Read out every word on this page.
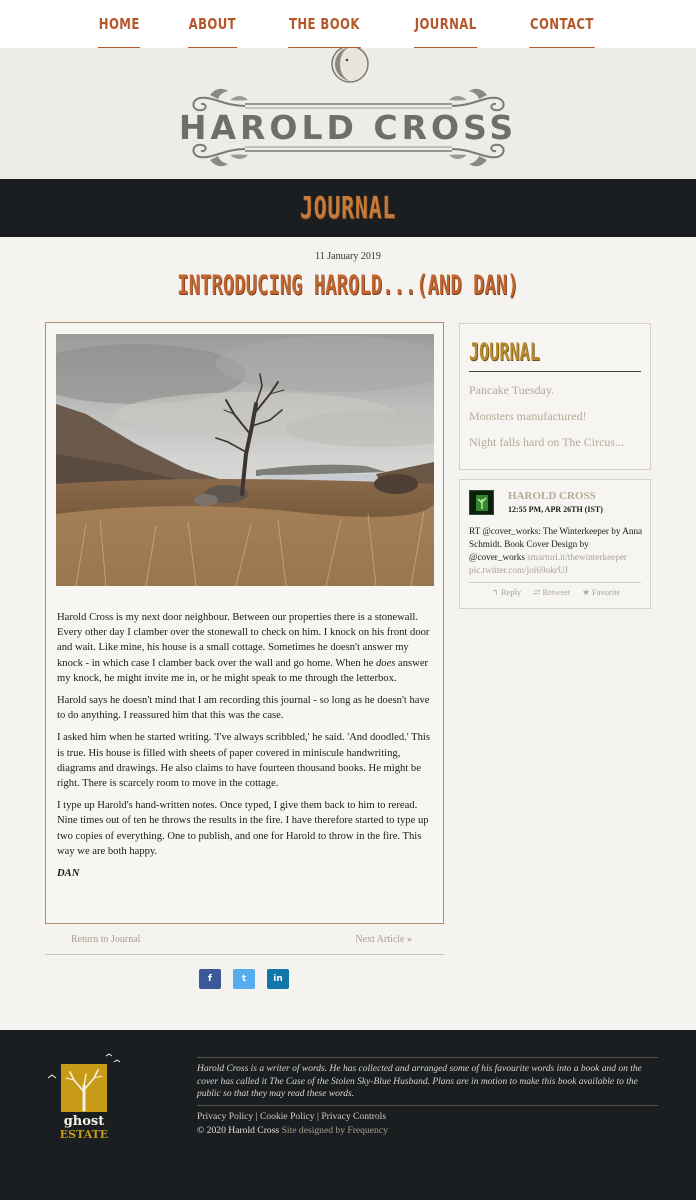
HOME	ABOUT	THE BOOK	JOURNAL	CONTACT
HAROLD CROSS
JOURNAL
11 January 2019
INTRODUCING HAROLD...(AND DAN)

Harold Cross is my next door neighbour. Between our properties there is a stonewall. Every other day I clamber over the stonewall to check on him. I knock on his front door and wait. Like mine, his house is a small cottage. Sometimes he doesn't answer my knock - in which case I clamber back over the wall and go home. When he does answer my knock, he might invite me in, or he might speak to me through the letterbox.

Harold says he doesn't mind that I am recording this journal - so long as he doesn't have to do anything. I reassured him that this was the case.

I asked him when he started writing. 'I've always scribbled,' he said. 'And doodled.' This is true. His house is filled with sheets of paper covered in miniscule handwriting, diagrams and drawings. He also claims to have fourteen thousand books. He might be right. There is scarcely room to move in the cottage.

I type up Harold's hand-written notes. Once typed, I give them back to him to reread. Nine times out of ten he throws the results in the fire. I have therefore started to type up two copies of everything. One to publish, and one for Harold to throw in the fire. This way we are both happy.

DAN

Return to Journal	Next Article »
f	t	in
JOURNAL
Pancake Tuesday.
Monsters manufactured!
Night falls hard on The Circus...
HAROLD CROSS
12:55 PM, APR 26TH (IST)
RT @cover_works: The Winterkeeper by Anna Schmidt. Book Cover Design by @cover_works smarturl.it/thewinterkeeper pic.twitter.com/joi69okrUJ
↰ Reply ⇄ Retweet ★ Favorite
ghost
ESTATE
Harold Cross is a writer of words. He has collected and arranged some of his favourite words into a book and on the cover has called it The Case of the Stolen Sky-Blue Husband. Plans are in motion to make this book available to the public so that they may read these words.
Privacy Policy | Cookie Policy | Privacy Controls
© 2020 Harold Cross Site designed by Frequency
